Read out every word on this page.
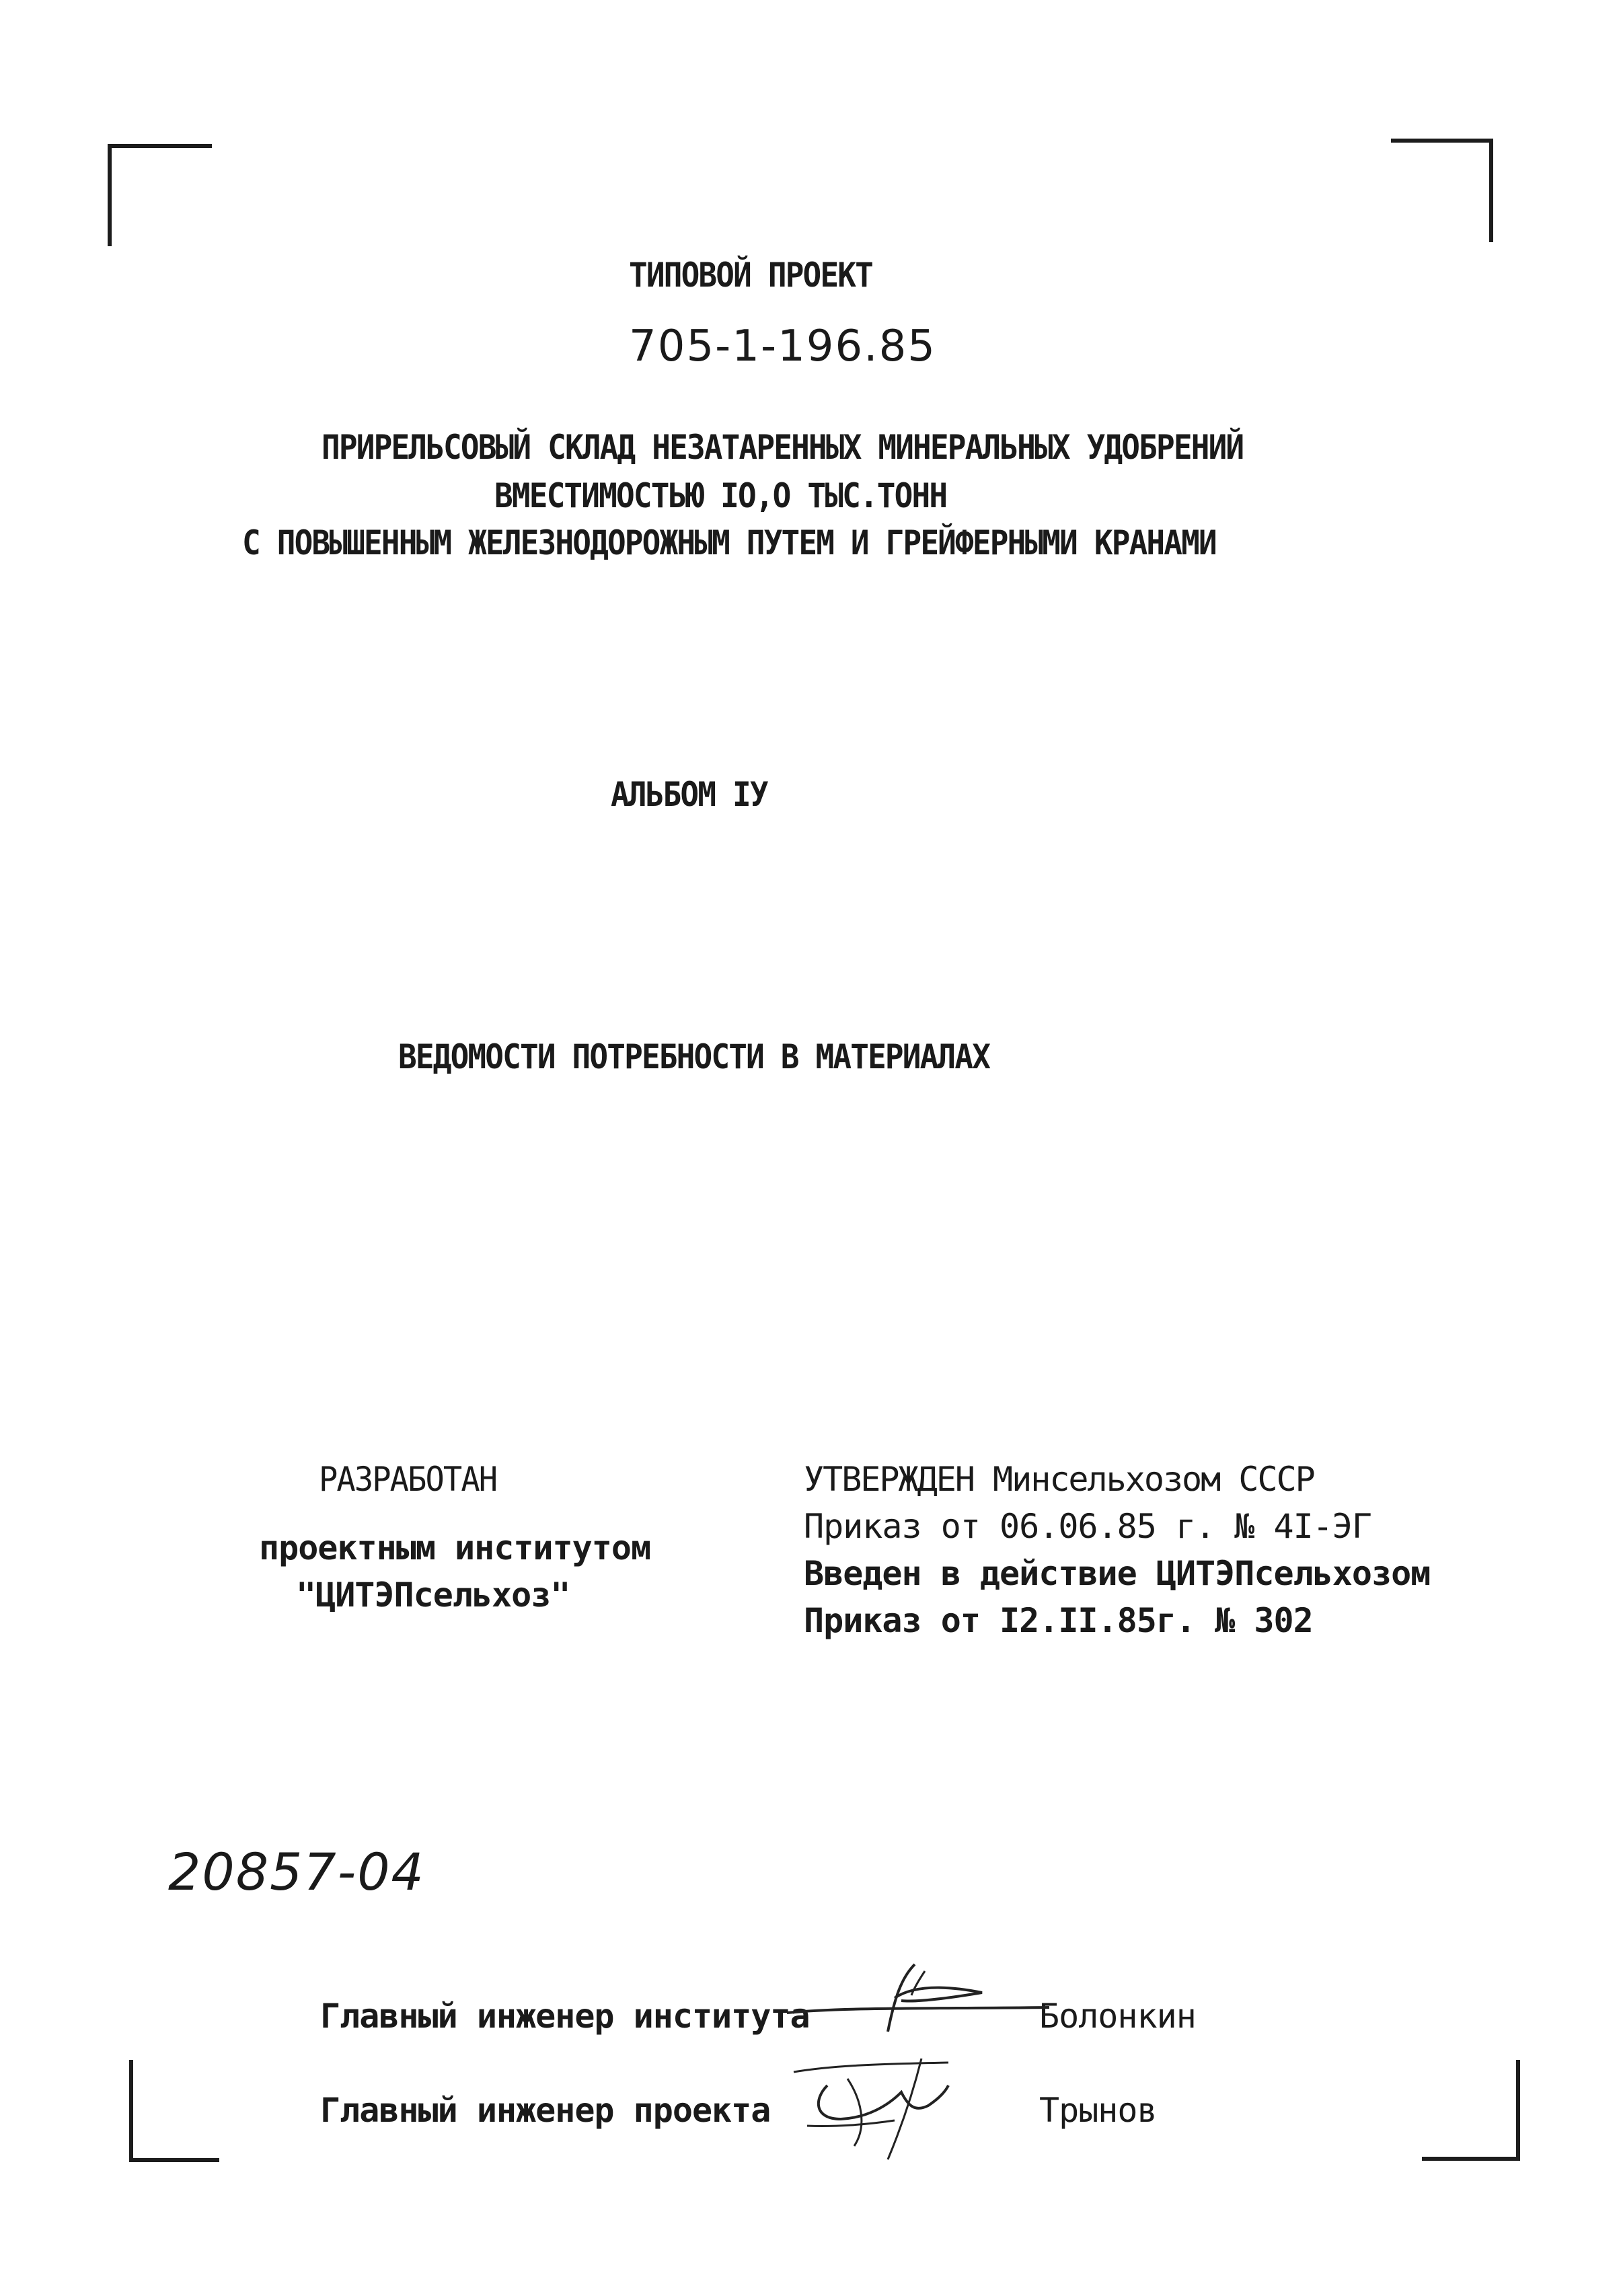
ТИПОВОЙ ПРОЕКТ
705-1-196.85
ПРИРЕЛЬСОВЫЙ СКЛАД НЕЗАТАРЕННЫХ МИНЕРАЛЬНЫХ УДОБРЕНИЙ
ВМЕСТИМОСТЬЮ IO,O ТЫС.ТОНН
С ПОВЫШЕННЫМ ЖЕЛЕЗНОДОРОЖНЫМ ПУТЕМ И ГРЕЙФЕРНЫМИ КРАНАМИ
АЛЬБОМ IУ
ВЕДОМОСТИ ПОТРЕБНОСТИ В МАТЕРИАЛАХ
РАЗРАБОТАН
проектным институтом
"ЦИТЭПсельхоз"
УТВЕРЖДЕН Минсельхозом СССР
Приказ от 06.06.85 г. № 4I-ЭГ
Введен в действие ЦИТЭПсельхозом
Приказ от I2.II.85г. № 302
20857-04
Главный инженер института	Болонкин
Главный инженер проекта	Трынов
